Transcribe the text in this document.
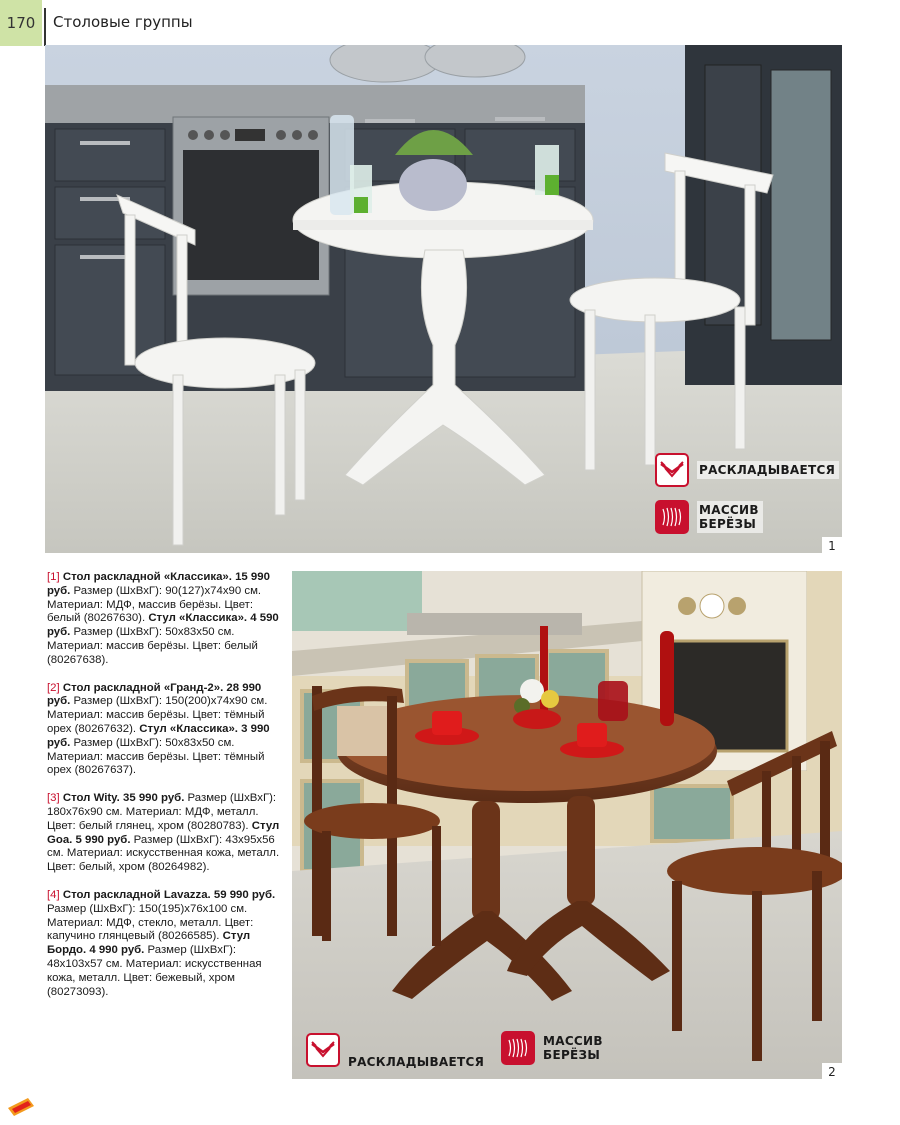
170	Столовые группы
РАСКЛАДЫВАЕТСЯ
МАССИВ
БЕРЁЗЫ
1

[1] Стол раскладной «Классика». 15 990 руб. Размер (ШхВхГ): 90(127)х74х90 см. Материал: МДФ, массив берёзы. Цвет: белый (80267630). Стул «Классика». 4 590 руб. Размер (ШхВхГ): 50х83х50 см. Материал: массив берёзы. Цвет: белый (80267638).

[2] Стол раскладной «Гранд-2». 28 990 руб. Размер (ШхВхГ): 150(200)х74х90 см. Материал: массив берёзы. Цвет: тёмный орех (80267632). Стул «Классика». 3 990 руб. Размер (ШхВхГ): 50х83х50 см. Материал: массив берёзы. Цвет: тёмный орех (80267637).

[3] Стол Wity. 35 990 руб. Размер (ШхВхГ): 180х76х90 см. Материал: МДФ, металл. Цвет: белый глянец, хром (80280783). Стул Goa. 5 990 руб. Размер (ШхВхГ): 43х95х56 см. Материал: искусственная кожа, металл. Цвет: белый, хром (80264982).

[4] Стол раскладной Lavazza. 59 990 руб. Размер (ШхВхГ): 150(195)х76х100 см. Материал: МДФ, стекло, металл. Цвет: капучино глянцевый (80266585). Стул Бордо. 4 990 руб. Размер (ШхВхГ): 48х103х57 см. Материал: искусственная кожа, металл. Цвет: бежевый, хром (80273093).

РАСКЛАДЫВАЕТСЯ
МАССИВ
БЕРЁЗЫ
2
